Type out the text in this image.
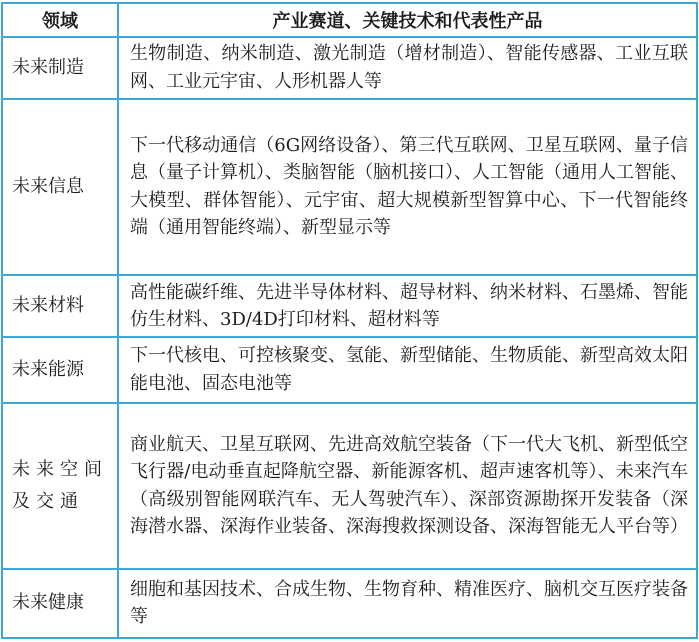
领域	产业赛道、关键技术和代表性产品
未来制造	生物制造、纳米制造、激光制造（增材制造）、智能传感器、工业互联网、工业元宇宙、人形机器人等
未来信息	下一代移动通信（6G网络设备）、第三代互联网、卫星互联网、量子信息（量子计算机）、类脑智能（脑机接口）、人工智能（通用人工智能、大模型、群体智能）、元宇宙、超大规模新型智算中心、下一代智能终端（通用智能终端）、新型显示等
未来材料	高性能碳纤维、先进半导体材料、超导材料、纳米材料、石墨烯、智能仿生材料、3D/4D打印材料、超材料等
未来能源	下一代核电、可控核聚变、氢能、新型储能、生物质能、新型高效太阳能电池、固态电池等
未来空间及交通	商业航天、卫星互联网、先进高效航空装备（下一代大飞机、新型低空飞行器/电动垂直起降航空器、新能源客机、超声速客机等）、未来汽车（高级别智能网联汽车、无人驾驶汽车）、深部资源勘探开发装备（深海潜水器、深海作业装备、深海搜救探测设备、深海智能无人平台等）
未来健康	细胞和基因技术、合成生物、生物育种、精准医疗、脑机交互医疗装备等
